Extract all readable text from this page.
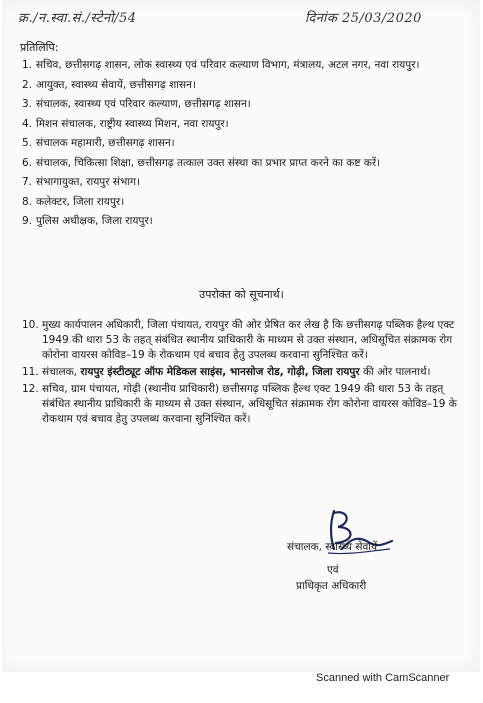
क्र./न.स्वा.सं./स्टेनो/54	दिनांक 25/03/2020
प्रतिलिपि:
1. सचिव, छत्तीसगढ़ शासन, लोक स्वास्थ्य एवं परिवार कल्याण विभाग, मंत्रालय, अटल नगर, नवा रायपुर।
2. आयुक्त, स्वास्थ्य सेवायें, छत्तीसगढ़ शासन।
3. संचालक, स्वास्थ्य एवं परिवार कल्याण, छत्तीसगढ़ शासन।
4. मिशन संचालक, राष्ट्रीय स्वास्थ्य मिशन, नवा रायपुर।
5. संचालक महामारी, छत्तीसगढ़ शासन।
6. संचालक, चिकित्सा शिक्षा, छत्तीसगढ़ तत्काल उक्त संस्था का प्रभार प्राप्त करने का कष्ट करें।
7. संभागायुक्त, रायपुर संभाग।
8. कलेक्टर, जिला रायपुर।
9. पुलिस अधीक्षक, जिला रायपुर।
उपरोक्त को सूचनार्थ।
10. मुख्य कार्यपालन अधिकारी, जिला पंचायत, रायपुर की ओर प्रेषित कर लेख है कि छत्तीसगढ़ पब्लिक हैल्थ एक्ट 1949 की धारा 53 के तहत् संबंधित स्थानीय प्राधिकारी के माध्यम से उक्त संस्थान, अधिसूचित संक्रामक रोग कोरोना वायरस कोविड–19 के रोकथाम एवं बचाव हेतु उपलब्ध करवाना सुनिश्चित करें।
11. संचालक, रायपुर इंस्टीट्यूट ऑफ मेडिकल साइंस, भानसोज रोड, गोढ़ी, जिला रायपुर की ओर पालनार्थ।
12. सचिव, ग्राम पंचायत, गोढ़ी (स्थानीय प्राधिकारी) छत्तीसगढ़ पब्लिक हैल्थ एक्ट 1949 की धारा 53 के तहत् संबंधित स्थानीय प्राधिकारी के माध्यम से उक्त संस्थान, अधिसूचित संक्रामक रोग कोरोना वायरस कोविड–19 के रोकथाम एवं बचाव हेतु उपलब्ध करवाना सुनिश्चित करें।
संचालक, स्वास्थ्य सेवायें
एवं
प्राधिकृत अधिकारी
Scanned with CamScanner
